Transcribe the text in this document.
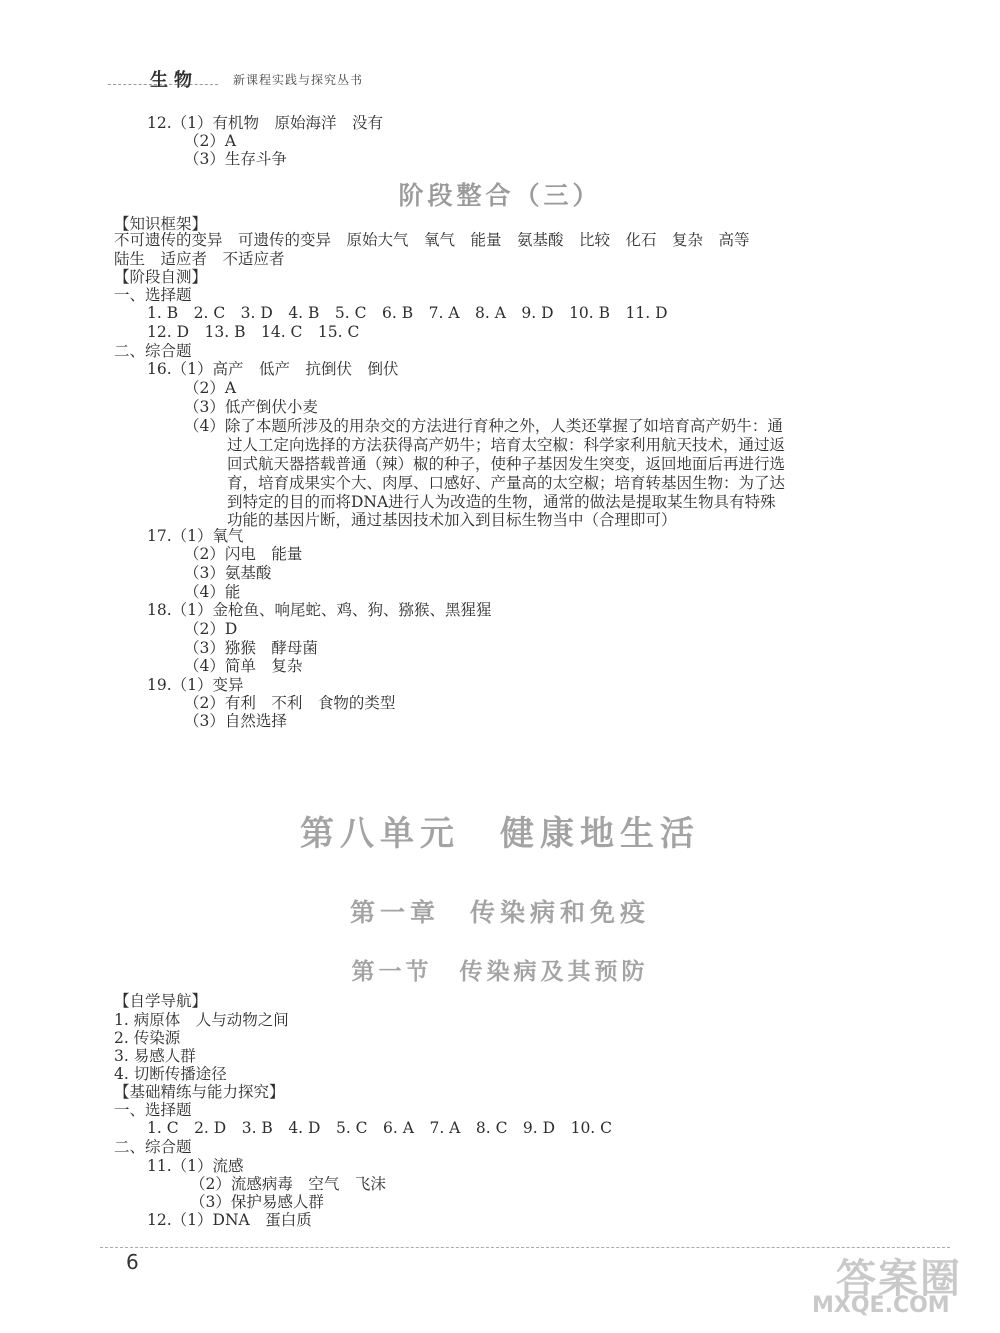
生物	新课程实践与探究丛书
阶段整合（三）
第八单元　健康地生活
第一章　传染病和免疫
第一节　传染病及其预防
12.（1）有机物　原始海洋　没有
（2）A
（3）生存斗争
【知识框架】
不可遗传的变异　可遗传的变异　原始大气　氧气　能量　氨基酸　比较　化石　复杂　高等
陆生　适应者　不适应者
【阶段自测】
一、选择题
1. B　2. C　3. D　4. B　5. C　6. B　7. A　8. A　9. D　10. B　11. D
12. D　13. B　14. C　15. C
二、综合题
16.（1）高产　低产　抗倒伏　倒伏
（2）A
（3）低产倒伏小麦
（4）除了本题所涉及的用杂交的方法进行育种之外，人类还掌握了如培育高产奶牛：通
过人工定向选择的方法获得高产奶牛；培育太空椒：科学家利用航天技术，通过返
回式航天器搭载普通（辣）椒的种子，使种子基因发生突变，返回地面后再进行选
育，培育成果实个大、肉厚、口感好、产量高的太空椒；培育转基因生物：为了达
到特定的目的而将DNA进行人为改造的生物，通常的做法是提取某生物具有特殊
功能的基因片断，通过基因技术加入到目标生物当中（合理即可）
17.（1）氧气
（2）闪电　能量
（3）氨基酸
（4）能
18.（1）金枪鱼、响尾蛇、鸡、狗、猕猴、黑猩猩
（2）D
（3）猕猴　酵母菌
（4）简单　复杂
19.（1）变异
（2）有利　不利　食物的类型
（3）自然选择
【自学导航】
1. 病原体　人与动物之间
2. 传染源
3. 易感人群
4. 切断传播途径
【基础精练与能力探究】
一、选择题
1. C　2. D　3. B　4. D　5. C　6. A　7. A　8. C　9. D　10. C
二、综合题
11.（1）流感
（2）流感病毒　空气　飞沫
（3）保护易感人群
12.（1）DNA　蛋白质
6	答案圈
MXQE.COM
